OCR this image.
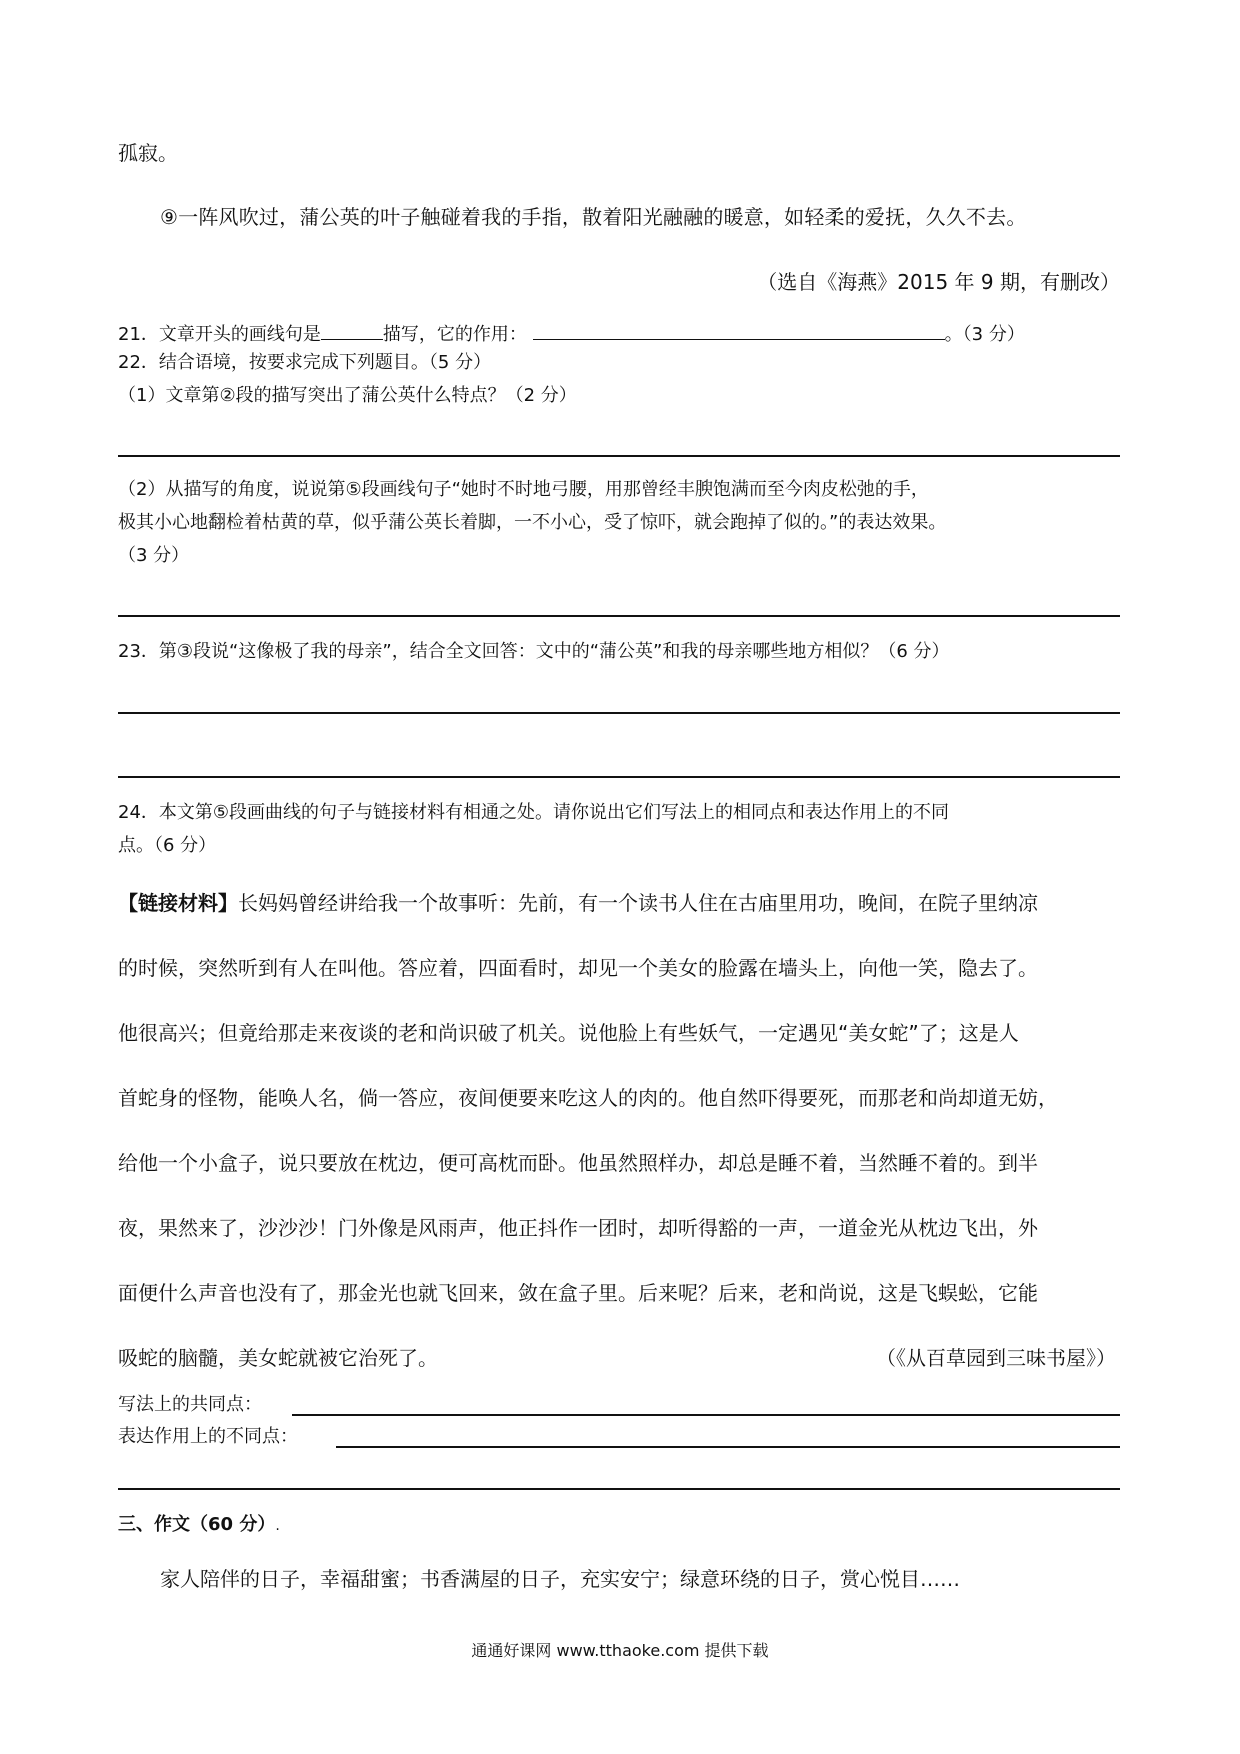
孤寂。
⑨一阵风吹过，蒲公英的叶子触碰着我的手指，散着阳光融融的暖意，如轻柔的爱抚，久久不去。
（选自《海燕》2015 年 9 期，有删改）
21．文章开头的画线句是	描写，它的作用：	。（3 分）
22．结合语境，按要求完成下列题目。（5 分）
（1）文章第②段的描写突出了蒲公英什么特点？（2 分）
（2）从描写的角度，说说第⑤段画线句子“她时不时地弓腰，用那曾经丰腴饱满而至今肉皮松弛的手，
极其小心地翻检着枯黄的草，似乎蒲公英长着脚，一不小心，受了惊吓，就会跑掉了似的。”的表达效果。
（3 分）
23．第③段说“这像极了我的母亲”，结合全文回答：文中的“蒲公英”和我的母亲哪些地方相似？（6 分）
24．本文第⑤段画曲线的句子与链接材料有相通之处。请你说出它们写法上的相同点和表达作用上的不同
点。（6 分）
【链接材料】长妈妈曾经讲给我一个故事听：先前，有一个读书人住在古庙里用功，晚间，在院子里纳凉
的时候，突然听到有人在叫他。答应着，四面看时，却见一个美女的脸露在墙头上，向他一笑，隐去了。
他很高兴；但竟给那走来夜谈的老和尚识破了机关。说他脸上有些妖气，一定遇见“美女蛇”了；这是人
首蛇身的怪物，能唤人名，倘一答应，夜间便要来吃这人的肉的。他自然吓得要死，而那老和尚却道无妨，
给他一个小盒子，说只要放在枕边，便可高枕而卧。他虽然照样办，却总是睡不着，当然睡不着的。到半
夜，果然来了，沙沙沙！门外像是风雨声，他正抖作一团时，却听得豁的一声，一道金光从枕边飞出，外
面便什么声音也没有了，那金光也就飞回来，敛在盒子里。后来呢？后来，老和尚说，这是飞蜈蚣，它能
吸蛇的脑髓，美女蛇就被它治死了。	（《从百草园到三味书屋》）
写法上的共同点：
表达作用上的不同点：
三、作文（60 分）.
家人陪伴的日子，幸福甜蜜；书香满屋的日子，充实安宁；绿意环绕的日子，赏心悦目……
通通好课网 www.tthaoke.com 提供下载
